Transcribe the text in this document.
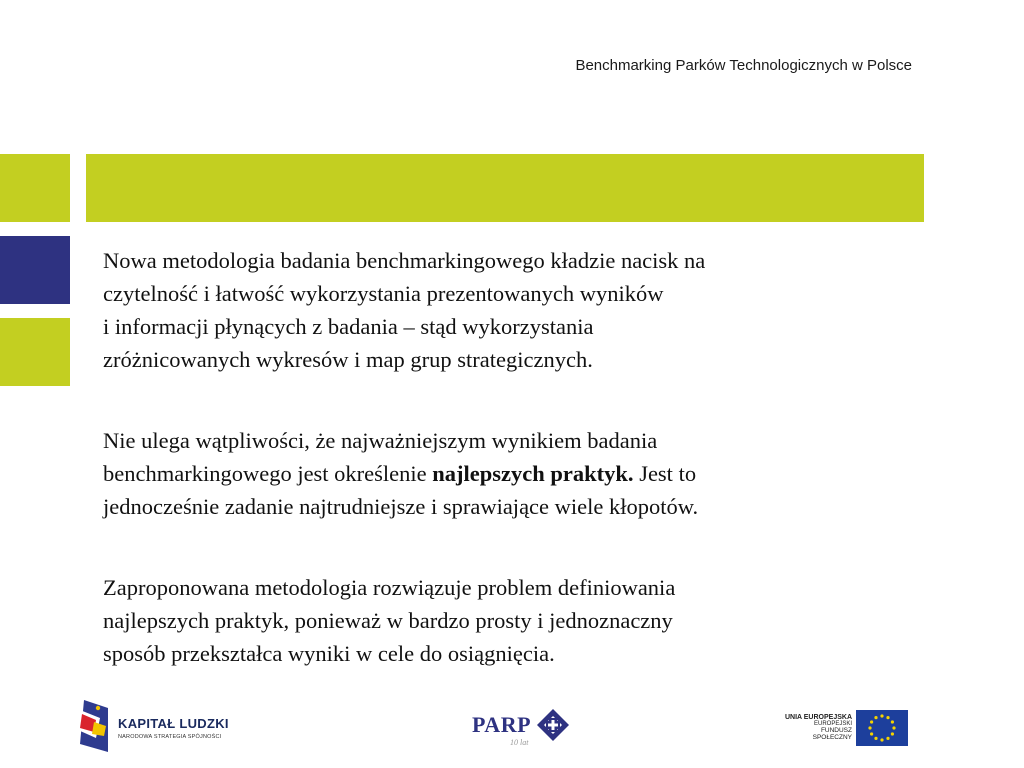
Benchmarking Parków Technologicznych w Polsce

Nowa metodologia badania benchmarkingowego kładzie nacisk na
czytelność i łatwość wykorzystania prezentowanych wyników
i informacji płynących z badania – stąd wykorzystania
zróżnicowanych wykresów i map grup strategicznych.

Nie ulega wątpliwości, że najważniejszym wynikiem badania
benchmarkingowego jest określenie najlepszych praktyk. Jest to
jednocześnie zadanie najtrudniejsze i sprawiające wiele kłopotów.

Zaproponowana metodologia rozwiązuje problem definiowania
najlepszych praktyk, ponieważ w bardzo prosty i jednoznaczny
sposób przekształca wyniki w cele do osiągnięcia.

KAPITAŁ LUDZKI
NARODOWA STRATEGIA SPÓJNOŚCI	PARP
10 lat
UNIA EUROPEJSKA
EUROPEJSKI
FUNDUSZ SPOŁECZNY
